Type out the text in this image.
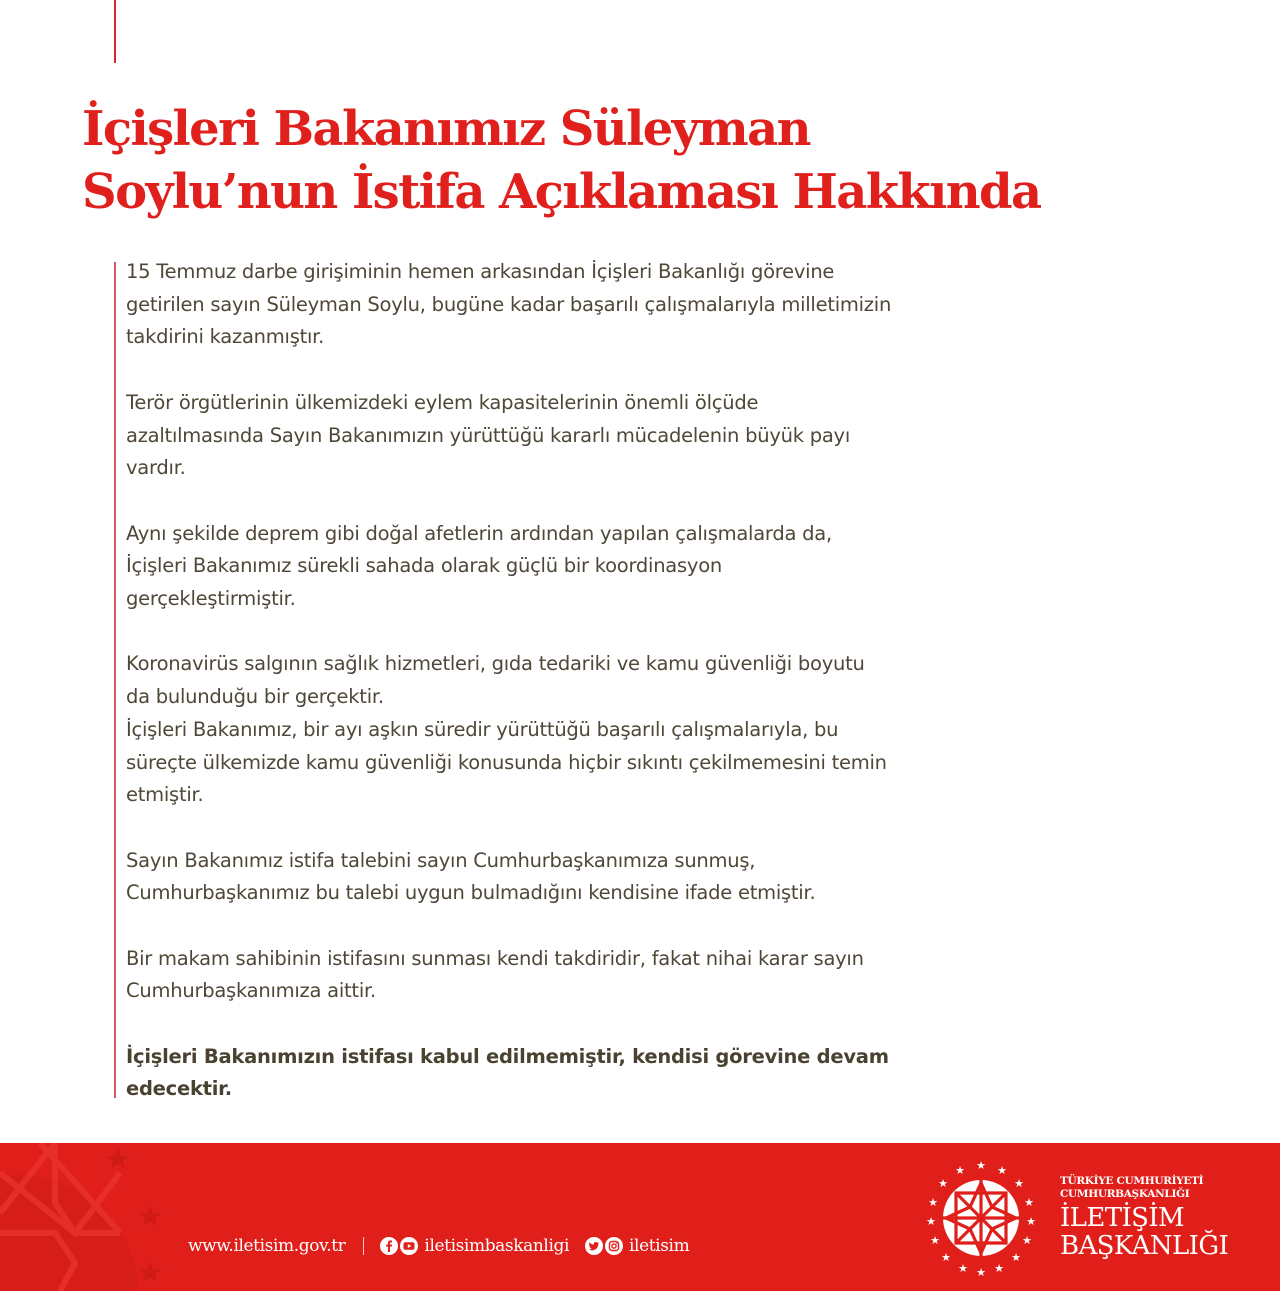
İçişleri Bakanımız Süleyman
Soylu’nun İstifa Açıklaması Hakkında

15 Temmuz darbe girişiminin hemen arkasından İçişleri Bakanlığı görevine
getirilen sayın Süleyman Soylu, bugüne kadar başarılı çalışmalarıyla milletimizin
takdirini kazanmıştır.

Terör örgütlerinin ülkemizdeki eylem kapasitelerinin önemli ölçüde
azaltılmasında Sayın Bakanımızın yürüttüğü kararlı mücadelenin büyük payı
vardır.

Aynı şekilde deprem gibi doğal afetlerin ardından yapılan çalışmalarda da,
İçişleri Bakanımız sürekli sahada olarak güçlü bir koordinasyon
gerçekleştirmiştir.

Koronavirüs salgının sağlık hizmetleri, gıda tedariki ve kamu güvenliği boyutu
da bulunduğu bir gerçektir.
İçişleri Bakanımız, bir ayı aşkın süredir yürüttüğü başarılı çalışmalarıyla, bu
süreçte ülkemizde kamu güvenliği konusunda hiçbir sıkıntı çekilmemesini temin
etmiştir.

Sayın Bakanımız istifa talebini sayın Cumhurbaşkanımıza sunmuş,
Cumhurbaşkanımız bu talebi uygun bulmadığını kendisine ifade etmiştir.

Bir makam sahibinin istifasını sunması kendi takdiridir, fakat nihai karar sayın
Cumhurbaşkanımıza aittir.

İçişleri Bakanımızın istifası kabul edilmemiştir, kendisi görevine devam
edecektir.

www.iletisim.gov.tr	iletisimbaskanligi	iletisim
★
★	★
★	★
★	★
★	★
★	★
★	★
★ ★
★
TÜRKİYE CUMHURİYETİ
CUMHURBAŞKANLIĞI
İLETİŞİM
BAŞKANLIĞI
